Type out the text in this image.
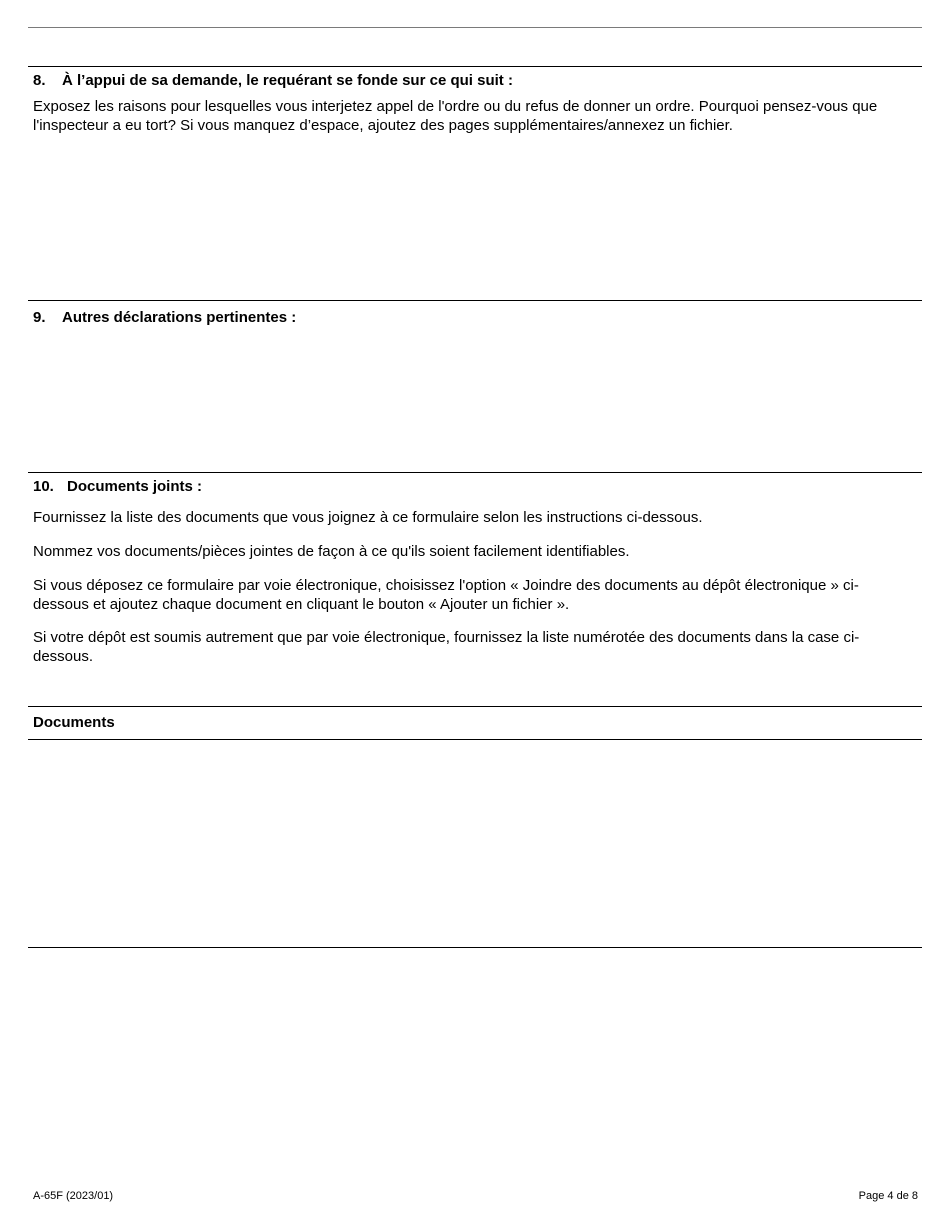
8. À l’appui de sa demande, le requérant se fonde sur ce qui suit :
Exposez les raisons pour lesquelles vous interjetez appel de l'ordre ou du refus de donner un ordre. Pourquoi pensez-vous que l'inspecteur a eu tort? Si vous manquez d’espace, ajoutez des pages supplémentaires/annexez un fichier.
9. Autres déclarations pertinentes :
10. Documents joints :
Fournissez la liste des documents que vous joignez à ce formulaire selon les instructions ci-dessous.
Nommez vos documents/pièces jointes de façon à ce qu'ils soient facilement identifiables.
Si vous déposez ce formulaire par voie électronique, choisissez l'option « Joindre des documents au dépôt électronique » ci-dessous et ajoutez chaque document en cliquant le bouton « Ajouter un fichier ».
Si votre dépôt est soumis autrement que par voie électronique, fournissez la liste numérotée des documents dans la case ci-dessous.
Documents
A-65F (2023/01)	Page 4 de 8
